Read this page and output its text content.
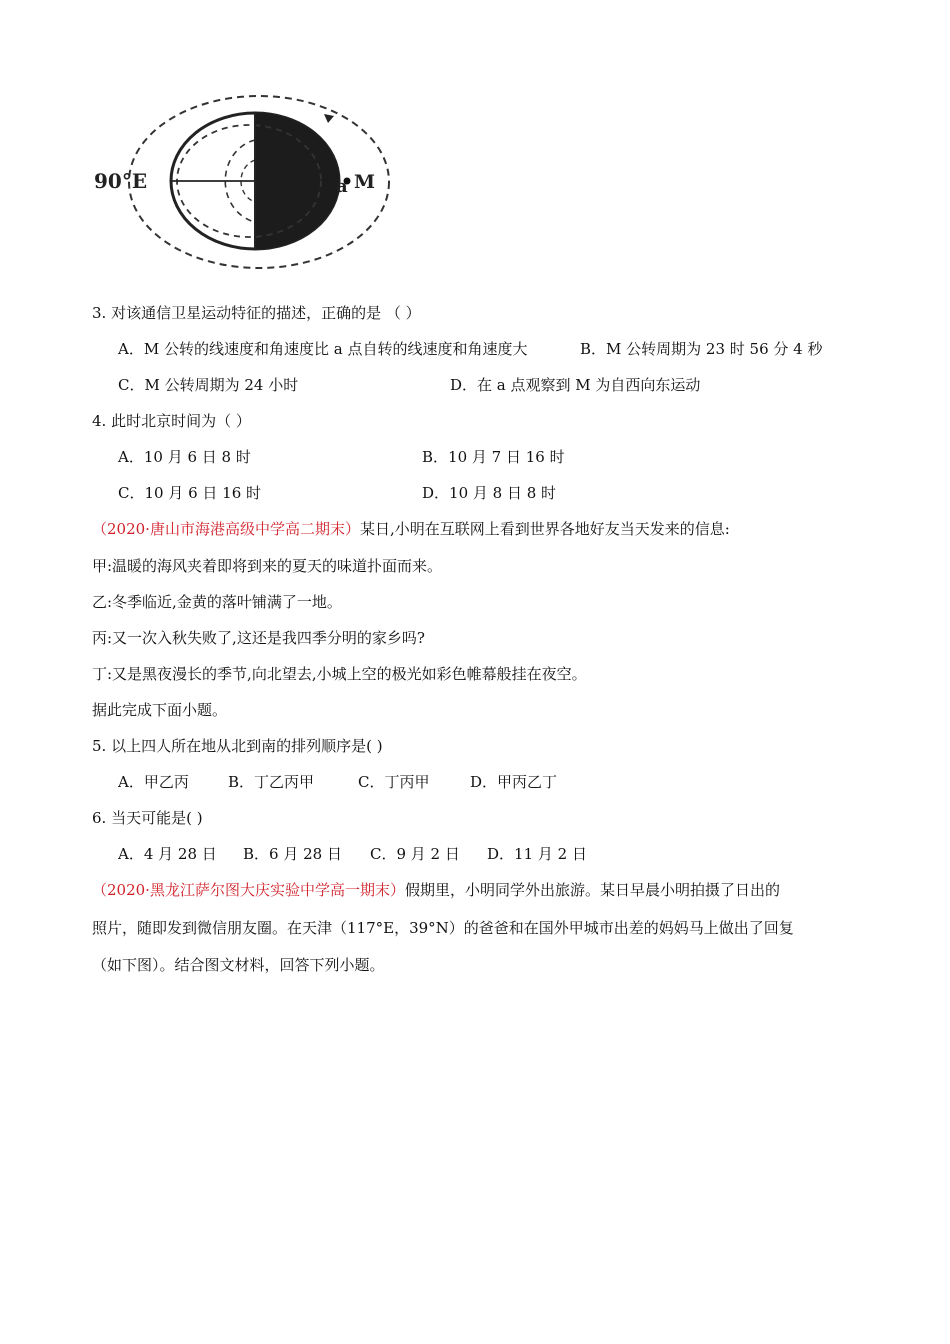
90°E	a M
3. 对该通信卫星运动特征的描述，正确的是 （ ）
A．M 公转的线速度和角速度比 a 点自转的线速度和角速度大	B．M 公转周期为 23 时 56 分 4 秒
C．M 公转周期为 24 小时	D．在 a 点观察到 M 为自西向东运动
4. 此时北京时间为（ ）
A．10 月 6 日 8 时	B．10 月 7 日 16 时
C．10 月 6 日 16 时	D．10 月 8 日 8 时
（2020·唐山市海港高级中学高二期末）某日,小明在互联网上看到世界各地好友当天发来的信息:
甲:温暖的海风夹着即将到来的夏天的味道扑面而来。
乙:冬季临近,金黄的落叶铺满了一地。
丙:又一次入秋失败了,这还是我四季分明的家乡吗?
丁:又是黑夜漫长的季节,向北望去,小城上空的极光如彩色帷幕般挂在夜空。
据此完成下面小题。
5. 以上四人所在地从北到南的排列顺序是( )
A．甲乙丙	B．丁乙丙甲	C．丁丙甲	D．甲丙乙丁
6. 当天可能是( )
A．4 月 28 日 B．6 月 28 日 C．9 月 2 日 D．11 月 2 日
（2020·黑龙江萨尔图大庆实验中学高一期末）假期里，小明同学外出旅游。某日早晨小明拍摄了日出的
照片，随即发到微信朋友圈。在天津（117°E，39°N）的爸爸和在国外甲城市出差的妈妈马上做出了回复
（如下图）。结合图文材料，回答下列小题。
